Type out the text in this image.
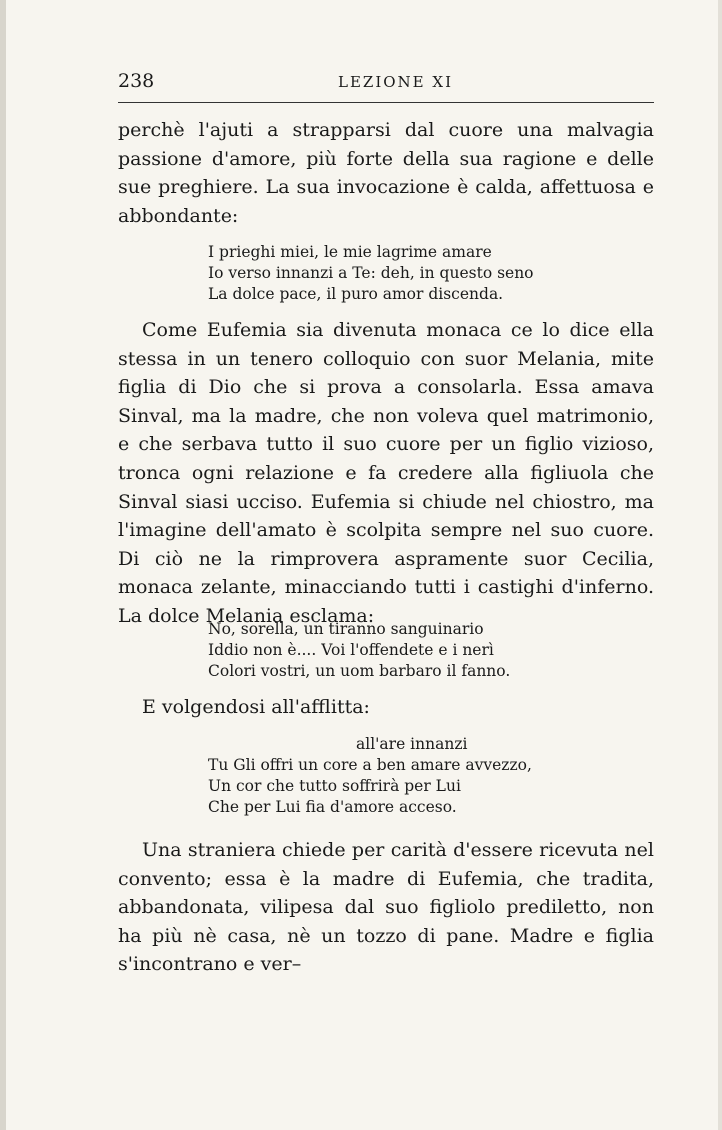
238	LEZIONE XI

perchè l'ajuti a strapparsi dal cuore una malvagia passione d'amore, più forte della sua ragione e delle sue preghiere. La sua invocazione è calda, affettuosa e abbondante:

I prieghi miei, le mie lagrime amare
Io verso innanzi a Te: deh, in questo seno
La dolce pace, il puro amor discenda.

Come Eufemia sia divenuta monaca ce lo dice ella stessa in un tenero colloquio con suor Melania, mite figlia di Dio che si prova a consolarla. Essa amava Sinval, ma la madre, che non voleva quel matrimonio, e che serbava tutto il suo cuore per un figlio vizioso, tronca ogni relazione e fa credere alla figliuola che Sinval siasi ucciso. Eufemia si chiude nel chiostro, ma l'imagine dell'amato è scolpita sempre nel suo cuore. Di ciò ne la rimprovera aspramente suor Cecilia, monaca zelante, minacciando tutti i castighi d'inferno. La dolce Melania esclama:

No, sorella, un tiranno sanguinario
Iddio non è.... Voi l'offendete e i nerì
Colori vostri, un uom barbaro il fanno.

E volgendosi all'afflitta:

all'are innanzi
Tu Gli offri un core a ben amare avvezzo,
Un cor che tutto soffrirà per Lui
Che per Lui fia d'amore acceso.

Una straniera chiede per carità d'essere ricevuta nel convento; essa è la madre di Eufemia, che tradita, abbandonata, vilipesa dal suo figliolo prediletto, non ha più nè casa, nè un tozzo di pane. Madre e figlia s'incontrano e ver–
